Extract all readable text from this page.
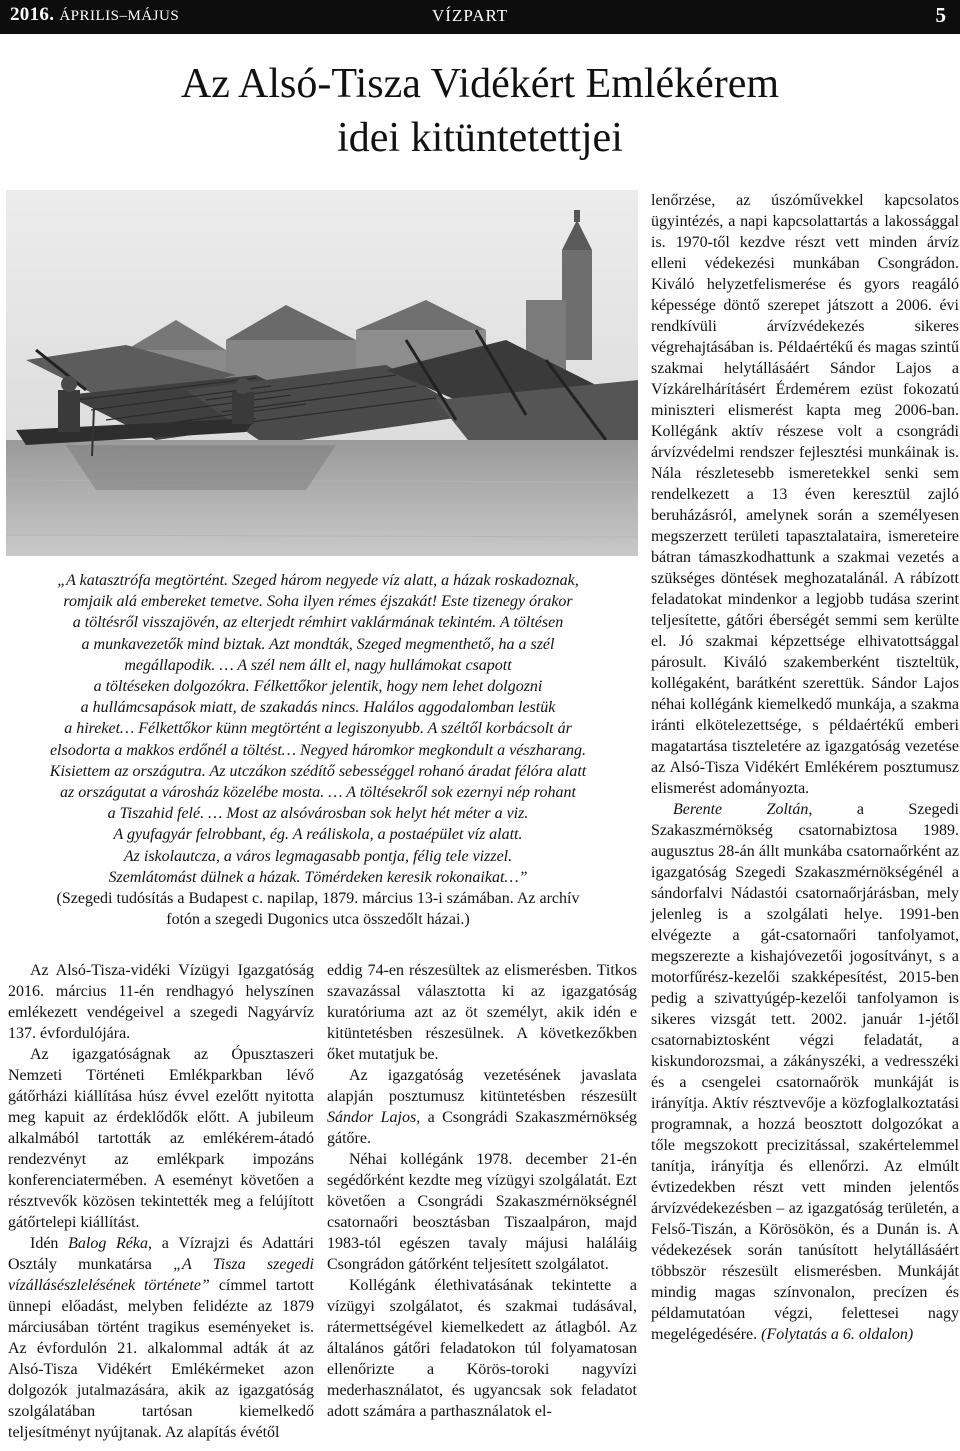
2016. ÁPRILIS–MÁJUS	VÍZPART	5
Az Alsó-Tisza Vidékért Emlékérem
idei kitüntetettjei
„A katasztrófa megtörtént. Szeged három negyede víz alatt, a házak roskadoznak,
romjaik alá embereket temetve. Soha ilyen rémes éjszakát! Este tizenegy órakor
a töltésről visszajövén, az elterjedt rémhirt vaklármának tekintém. A töltésen
a munkavezetők mind biztak. Azt mondták, Szeged megmenthető, ha a szél
megállapodik. … A szél nem állt el, nagy hullámokat csapott
a töltéseken dolgozókra. Félkettőkor jelentik, hogy nem lehet dolgozni
a hullámcsapások miatt, de szakadás nincs. Halálos aggodalomban lestük
a hireket… Félkettőkor künn megtörtént a legiszonyubb. A széltől korbácsolt ár
elsodorta a makkos erdőnél a töltést… Negyed háromkor megkondult a vészharang.
Kisiettem az országutra. Az utczákon szédítő sebességgel rohanó áradat félóra alatt
az országutat a városház közelébe mosta. … A töltésekről sok ezernyi nép rohant
a Tiszahid felé. … Most az alsóvárosban sok helyt hét méter a viz.
A gyufagyár felrobbant, ég. A reáliskola, a postaépület víz alatt.
Az iskolautcza, a város legmagasabb pontja, félig tele vizzel.
Szemlátomást dülnek a házak. Tömérdeken keresik rokonaikat…”
(Szegedi tudósítás a Budapest c. napilap, 1879. március 13-i számában. Az archív
fotón a szegedi Dugonics utca összedőlt házai.)

Az Alsó-Tisza-vidéki Vízügyi Igazgatóság 2016. március 11-én rendhagyó helyszínen emlékezett vendégeivel a szegedi Nagyárvíz 137. évfordulójára.

Az igazgatóságnak az Ópusztaszeri Nemzeti Történeti Emlékparkban lévő gátőrházi kiállítása húsz évvel ezelőtt nyitotta meg kapuit az érdeklődők előtt. A jubileum alkalmából tartották az emlékérem-átadó rendezvényt az emlékpark impozáns konferenciatermében. A eseményt követően a résztvevők közösen tekintették meg a felújított gátőrtelepi kiállítást.

Idén Balog Réka, a Vízrajzi és Adattári Osztály munkatársa „A Tisza szegedi vízállásészlelésének története” címmel tartott ünnepi előadást, melyben felidézte az 1879 márciusában történt tragikus eseményeket is. Az évfordulón 21. alkalommal adták át az Alsó-Tisza Vidékért Emlékérmeket azon dolgozók jutalmazására, akik az igazgatóság szolgálatában tartósan kiemelkedő teljesítményt nyújtanak. Az alapítás évétől

eddig 74-en részesültek az elismerésben. Titkos szavazással választotta ki az igazgatóság kuratóriuma azt az öt személyt, akik idén e kitüntetésben részesülnek. A következőkben őket mutatjuk be.

Az igazgatóság vezetésének javaslata alapján posztumusz kitüntetésben részesült Sándor Lajos, a Csongrádi Szakaszmérnökség gátőre.

Néhai kollégánk 1978. december 21-én segédőrként kezdte meg vízügyi szolgálatát. Ezt követően a Csongrádi Szakaszmérnökségnél csatornaőri beosztásban Tiszaalpáron, majd 1983-tól egészen tavaly májusi haláláig Csongrádon gátőrként teljesített szolgálatot.

Kollégánk élethivatásának tekintette a vízügyi szolgálatot, és szakmai tudásával, rátermettségével kiemelkedett az átlagból. Az általános gátőri feladatokon túl folyamatosan ellenőrizte a Körös-toroki nagyvízi mederhasználatot, és ugyancsak sok feladatot adott számára a parthasználatok el-

lenőrzése, az úszóművekkel kapcsolatos ügyintézés, a napi kapcsolattartás a lakossággal is. 1970-től kezdve részt vett minden árvíz elleni védekezési munkában Csongrádon. Kiváló helyzetfelismerése és gyors reagáló képessége döntő szerepet játszott a 2006. évi rendkívüli árvízvédekezés sikeres végrehajtásában is. Példaértékű és magas szintű szakmai helytállásáért Sándor Lajos a Vízkárelhárításért Érdemérem ezüst fokozatú miniszteri elismerést kapta meg 2006-ban. Kollégánk aktív részese volt a csongrádi árvízvédelmi rendszer fejlesztési munkáinak is. Nála részletesebb ismeretekkel senki sem rendelkezett a 13 éven keresztül zajló beruházásról, amelynek során a személyesen megszerzett területi tapasztalataira, ismereteire bátran támaszkodhattunk a szakmai vezetés a szükséges döntések meghozatalánál. A rábízott feladatokat mindenkor a legjobb tudása szerint teljesítette, gátőri éberségét semmi sem kerülte el. Jó szakmai képzettsége elhivatottsággal párosult. Kiváló szakemberként tiszteltük, kollégaként, barátként szerettük. Sándor Lajos néhai kollégánk kiemelkedő munkája, a szakma iránti elkötelezettsége, s példaértékű emberi magatartása tiszteletére az igazgatóság vezetése az Alsó-Tisza Vidékért Emlékérem posztumusz elismerést adományozta.

Berente Zoltán, a Szegedi Szakaszmérnökség csatornabiztosa 1989. augusztus 28-án állt munkába csatornaőrként az igazgatóság Szegedi Szakaszmérnökségénél a sándorfalvi Nádastói csatornaőrjárásban, mely jelenleg is a szolgálati helye. 1991-ben elvégezte a gát-csatornaőri tanfolyamot, megszerezte a kishajóvezetői jogosítványt, s a motorfűrész-kezelői szakképesítést, 2015-ben pedig a szivattyúgép-kezelői tanfolyamon is sikeres vizsgát tett. 2002. január 1-jétől csatornabiztosként végzi feladatát, a kiskundorozsmai, a zákányszéki, a vedresszéki és a csengelei csatornaőrök munkáját is irányítja. Aktív résztvevője a közfoglalkoztatási programnak, a hozzá beosztott dolgozókat a tőle megszokott precizitással, szakértelemmel tanítja, irányítja és ellenőrzi. Az elmúlt évtizedekben részt vett minden jelentős árvízvédekezésben – az igazgatóság területén, a Felső-Tiszán, a Körösökön, és a Dunán is. A védekezések során tanúsított helytállásáért többször részesült elismerésben. Munkáját mindig magas színvonalon, precízen és példamutatóan végzi, felettesei nagy megelégedésére. (Folytatás a 6. oldalon)
